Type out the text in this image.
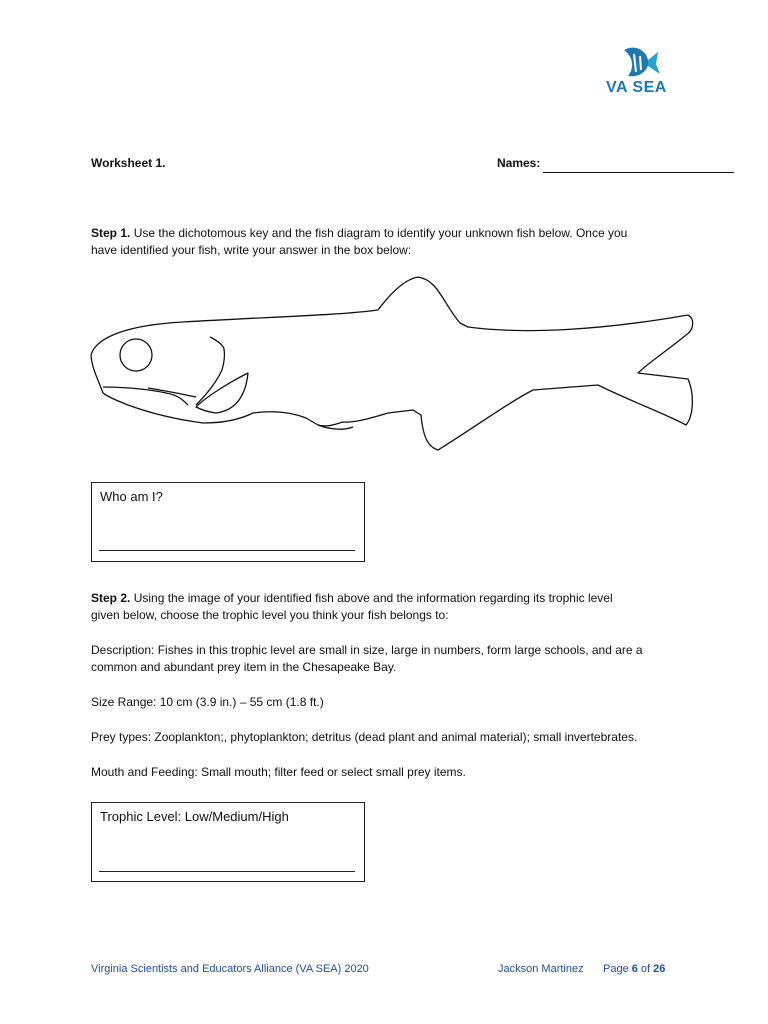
VA SEA
Worksheet 1.	Names:
Step 1. Use the dichotomous key and the fish diagram to identify your unknown fish below. Once you
have identified your fish, write your answer in the box below:
Who am I?
Step 2. Using the image of your identified fish above and the information regarding its trophic level
given below, choose the trophic level you think your fish belongs to:
Description: Fishes in this trophic level are small in size, large in numbers, form large schools, and are a
common and abundant prey item in the Chesapeake Bay.
Size Range: 10 cm (3.9 in.) – 55 cm (1.8 ft.)
Prey types: Zooplankton;, phytoplankton; detritus (dead plant and animal material); small invertebrates.
Mouth and Feeding: Small mouth; filter feed or select small prey items.
Trophic Level: Low/Medium/High
Virginia Scientists and Educators Alliance (VA SEA) 2020	Jackson Martinez Page 6 of 26
